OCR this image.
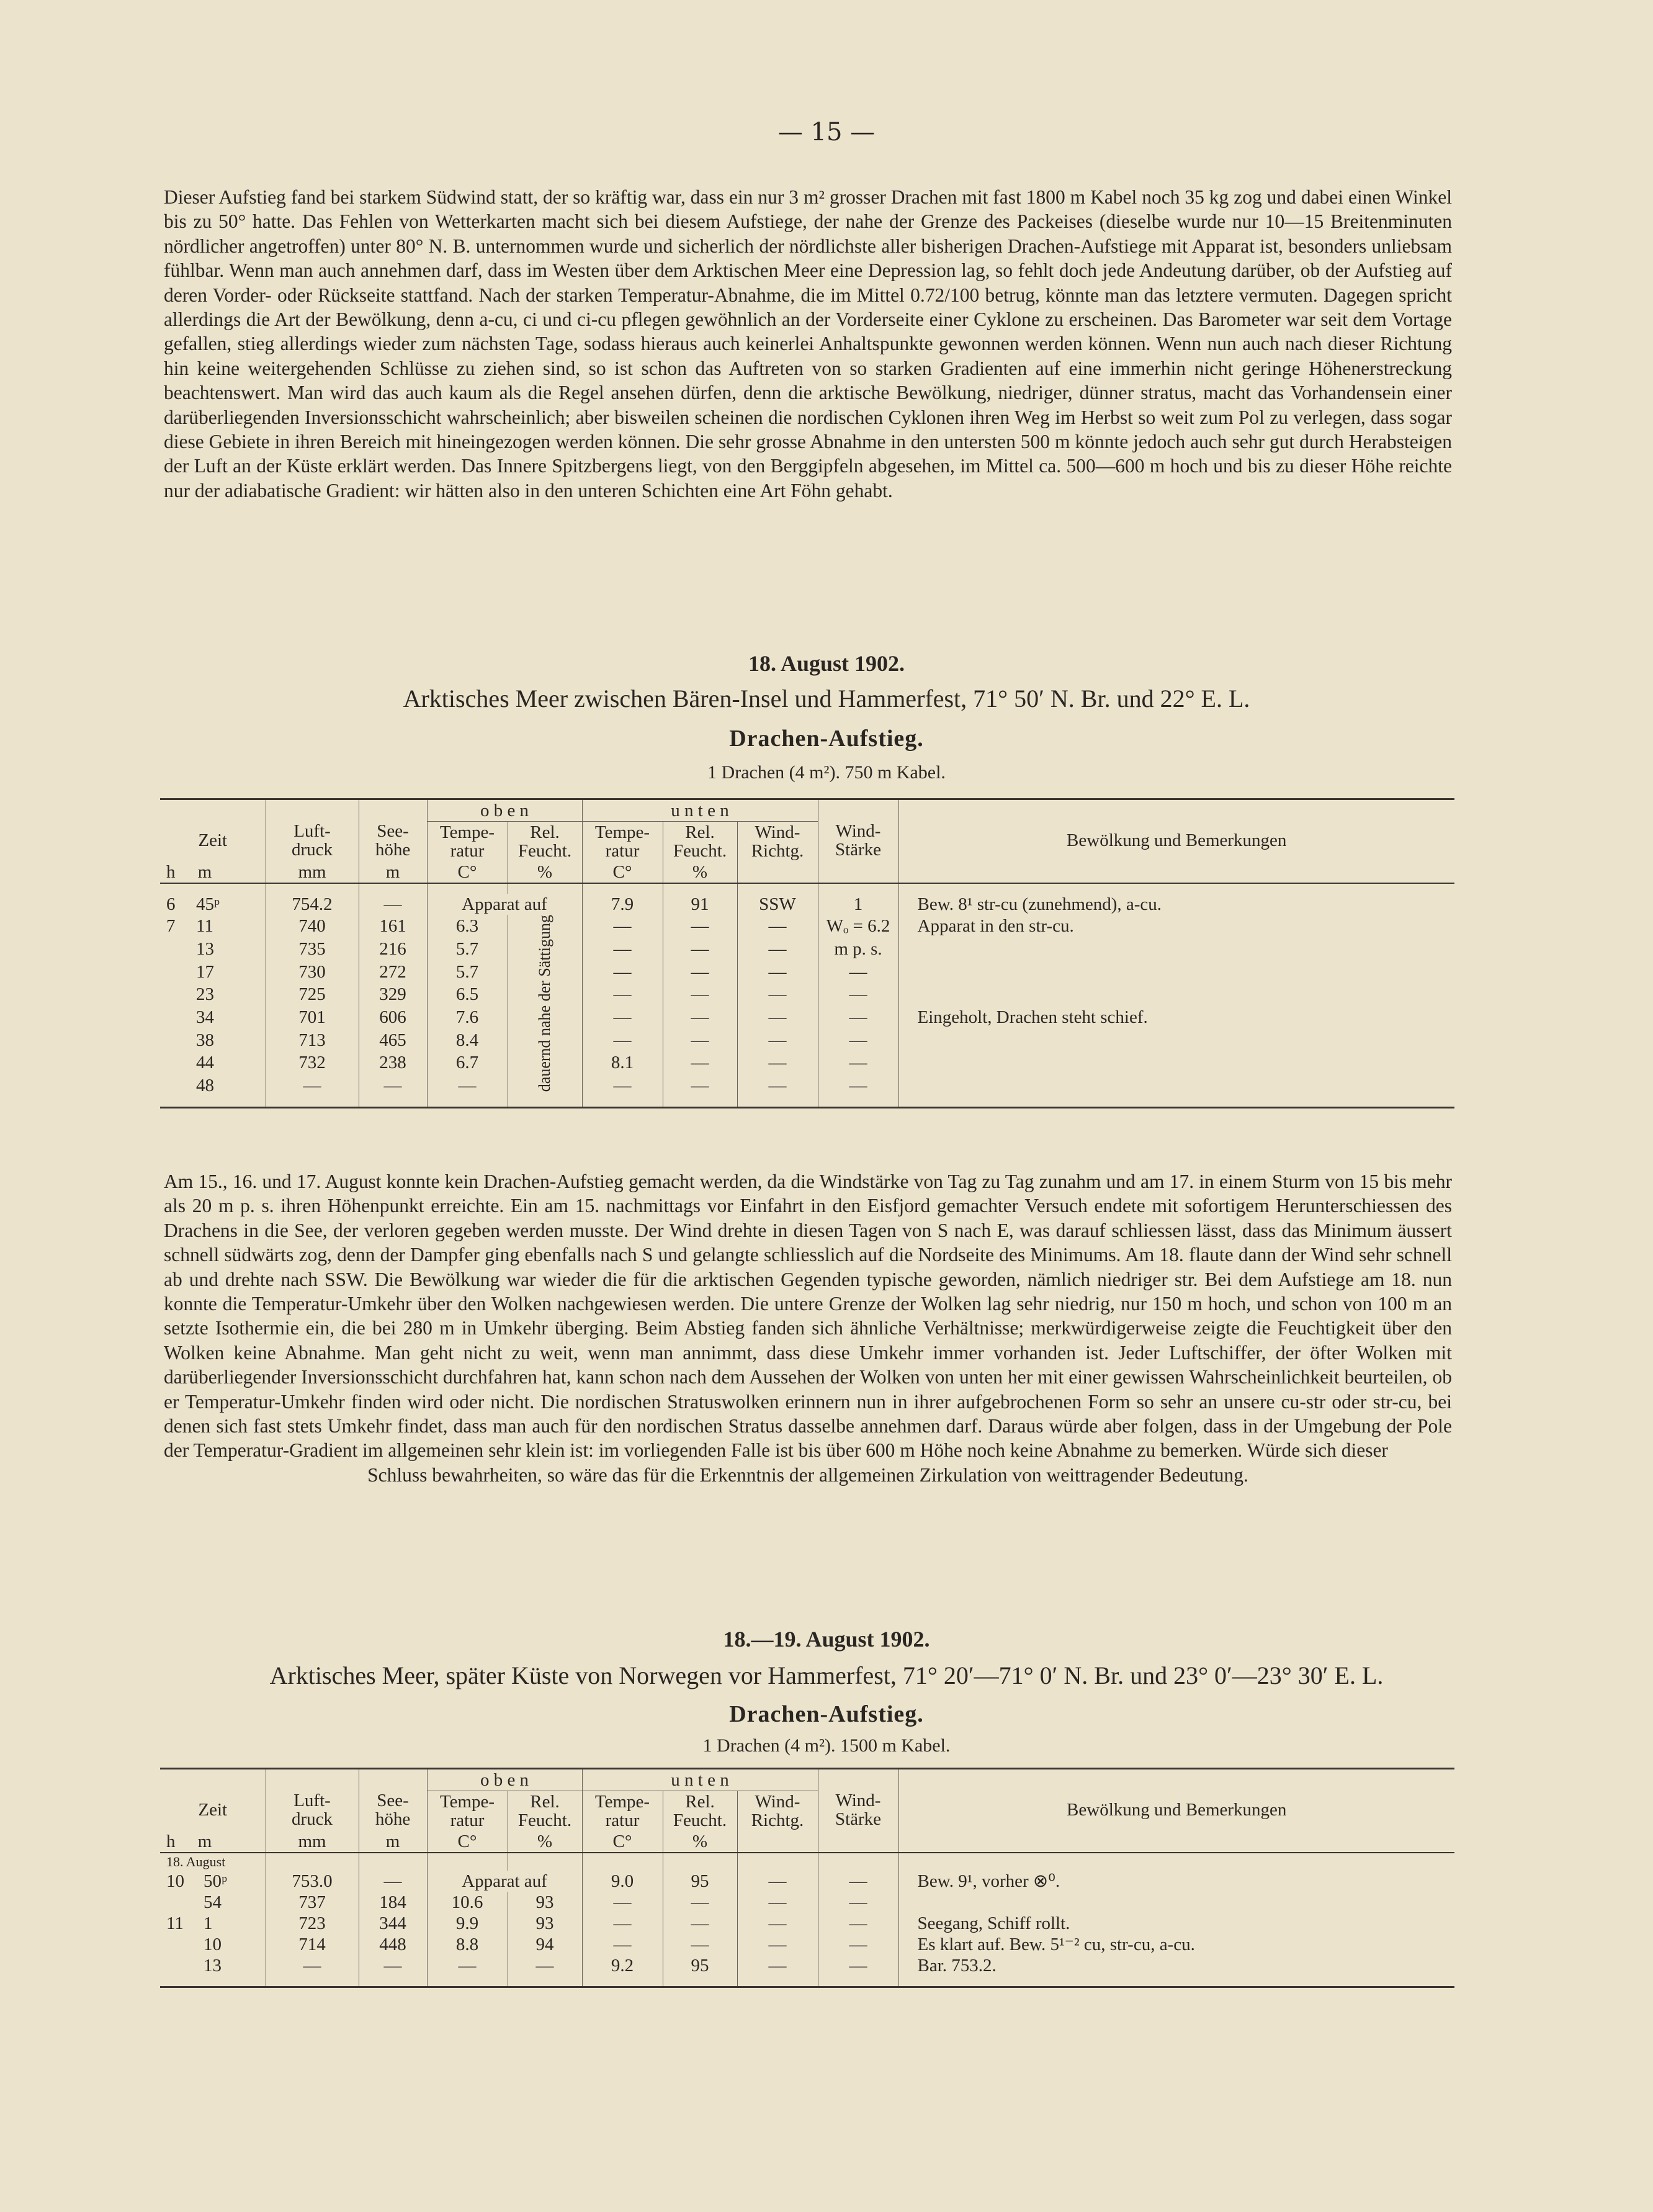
— 15 —
Dieser Aufstieg fand bei starkem Südwind statt, der so kräftig war, dass ein nur 3 m² grosser Drachen mit fast 1800 m Kabel noch 35 kg zog und dabei einen Winkel bis zu 50° hatte. Das Fehlen von Wetterkarten macht sich bei diesem Aufstiege, der nahe der Grenze des Packeises (dieselbe wurde nur 10—15 Breitenminuten nördlicher angetroffen) unter 80° N. B. unternommen wurde und sicherlich der nördlichste aller bisherigen Drachen-Aufstiege mit Apparat ist, besonders unliebsam fühlbar. Wenn man auch annehmen darf, dass im Westen über dem Arktischen Meer eine Depression lag, so fehlt doch jede Andeutung darüber, ob der Aufstieg auf deren Vorder- oder Rückseite stattfand. Nach der starken Temperatur-Abnahme, die im Mittel 0.72/100 betrug, könnte man das letztere vermuten. Dagegen spricht allerdings die Art der Bewölkung, denn a-cu, ci und ci-cu pflegen gewöhnlich an der Vorderseite einer Cyklone zu erscheinen. Das Barometer war seit dem Vortage gefallen, stieg allerdings wieder zum nächsten Tage, sodass hieraus auch keinerlei Anhaltspunkte gewonnen werden können. Wenn nun auch nach dieser Richtung hin keine weitergehenden Schlüsse zu ziehen sind, so ist schon das Auftreten von so starken Gradienten auf eine immerhin nicht geringe Höhenerstreckung beachtenswert. Man wird das auch kaum als die Regel ansehen dürfen, denn die arktische Bewölkung, niedriger, dünner stratus, macht das Vorhandensein einer darüberliegenden Inversionsschicht wahrscheinlich; aber bisweilen scheinen die nordischen Cyklonen ihren Weg im Herbst so weit zum Pol zu verlegen, dass sogar diese Gebiete in ihren Bereich mit hineingezogen werden können. Die sehr grosse Abnahme in den untersten 500 m könnte jedoch auch sehr gut durch Herabsteigen der Luft an der Küste erklärt werden. Das Innere Spitzbergens liegt, von den Berggipfeln abgesehen, im Mittel ca. 500—600 m hoch und bis zu dieser Höhe reichte nur der adiabatische Gradient: wir hätten also in den unteren Schichten eine Art Föhn gehabt.
18. August 1902.
Arktisches Meer zwischen Bären-Insel und Hammerfest, 71° 50′ N. Br. und 22° E. L.
Drachen-Aufstieg.
1 Drachen (4 m²). 750 m Kabel.

Zeit	Luft-
druck	See-
höhe	o b e n		u n t e n			Wind-
Stärke	Bewölkung und Bemerkungen
			Tempe-
ratur	Rel.
Feucht.	Tempe-
ratur	Rel.
Feucht.	Wind-
Richtg.		
h m	mm	m	C°	%	C°	%			

6 45ᵖ	754.2	—	Apparat auf		7.9	91	SSW	1	Bew. 8¹ str-cu (zunehmend), a-cu.
7 11	740	161	6.3	dauernd nahe der Sättigung	—	—	—	Wₒ = 6.2	Apparat in den str-cu.
13	735	216	5.7		—	—	—	m p. s.	
17	730	272	5.7		—	—	—	—	
23	725	329	6.5		—	—	—	—	
34	701	606	7.6		—	—	—	—	Eingeholt, Drachen steht schief.
38	713	465	8.4		—	—	—	—	
44	732	238	6.7		8.1	—	—	—	
48	—	—	—		—	—	—	—	

Am 15., 16. und 17. August konnte kein Drachen-Aufstieg gemacht werden, da die Windstärke von Tag zu Tag zunahm und am 17. in einem Sturm von 15 bis mehr als 20 m p. s. ihren Höhenpunkt erreichte. Ein am 15. nachmittags vor Einfahrt in den Eisfjord gemachter Versuch endete mit sofortigem Herunterschiessen des Drachens in die See, der verloren gegeben werden musste. Der Wind drehte in diesen Tagen von S nach E, was darauf schliessen lässt, dass das Minimum äussert schnell südwärts zog, denn der Dampfer ging ebenfalls nach S und gelangte schliesslich auf die Nordseite des Minimums. Am 18. flaute dann der Wind sehr schnell ab und drehte nach SSW. Die Bewölkung war wieder die für die arktischen Gegenden typische geworden, nämlich niedriger str. Bei dem Aufstiege am 18. nun konnte die Temperatur-Umkehr über den Wolken nachgewiesen werden. Die untere Grenze der Wolken lag sehr niedrig, nur 150 m hoch, und schon von 100 m an setzte Isothermie ein, die bei 280 m in Umkehr überging. Beim Abstieg fanden sich ähnliche Verhältnisse; merkwürdigerweise zeigte die Feuchtigkeit über den Wolken keine Abnahme. Man geht nicht zu weit, wenn man annimmt, dass diese Umkehr immer vorhanden ist. Jeder Luftschiffer, der öfter Wolken mit darüberliegender Inversionsschicht durchfahren hat, kann schon nach dem Aussehen der Wolken von unten her mit einer gewissen Wahrscheinlichkeit beurteilen, ob er Temperatur-Umkehr finden wird oder nicht. Die nordischen Stratuswolken erinnern nun in ihrer aufgebrochenen Form so sehr an unsere cu-str oder str-cu, bei denen sich fast stets Umkehr findet, dass man auch für den nordischen Stratus dasselbe annehmen darf. Daraus würde aber folgen, dass in der Umgebung der Pole der Temperatur-Gradient im allgemeinen sehr klein ist: im vorliegenden Falle ist bis über 600 m Höhe noch keine Abnahme zu bemerken. Würde sich dieser
Schluss bewahrheiten, so wäre das für die Erkenntnis der allgemeinen Zirkulation von weittragender Bedeutung.
18.—19. August 1902.
Arktisches Meer, später Küste von Norwegen vor Hammerfest, 71° 20′—71° 0′ N. Br. und 23° 0′—23° 30′ E. L.
Drachen-Aufstieg.
1 Drachen (4 m²). 1500 m Kabel.

Zeit	Luft-
druck	See-
höhe	o b e n		u n t e n			Wind-
Stärke	Bewölkung und Bemerkungen
			Tempe-
ratur	Rel.
Feucht.	Tempe-
ratur	Rel.
Feucht.	Wind-
Richtg.		
h m	mm	m	C°	%	C°	%			
18. August									
10 50ᵖ	753.0	—	Apparat auf		9.0	95	—	—	Bew. 9¹, vorher ⊗⁰.
54	737	184	10.6	93	—	—	—	—	
11 1	723	344	9.9	93	—	—	—	—	Seegang, Schiff rollt.
10	714	448	8.8	94	—	—	—	—	Es klart auf. Bew. 5¹⁻² cu, str-cu, a-cu.
13	—	—	—	—	9.2	95	—	—	Bar. 753.2.
